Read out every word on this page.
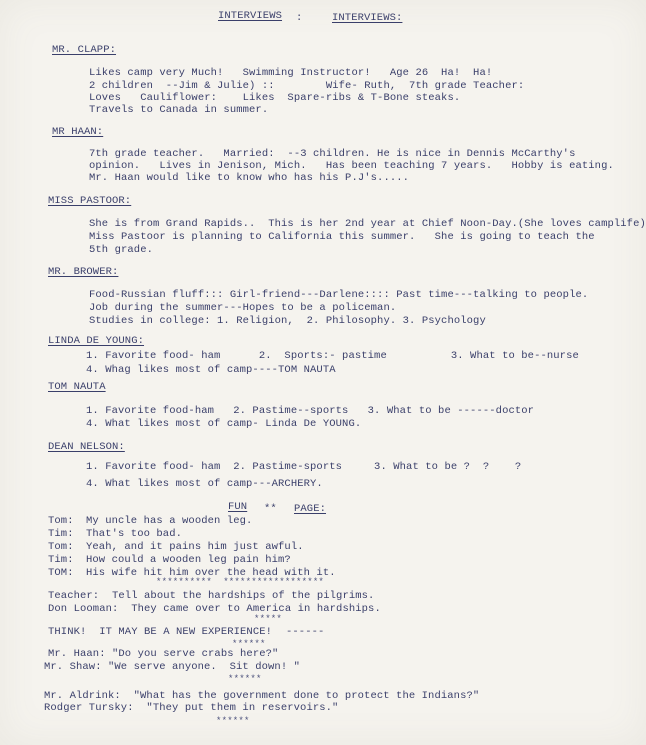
INTERVIEWS :	INTERVIEWS:
MR. CLAPP:
Likes camp very Much!   Swimming Instructor!   Age 26  Ha!  Ha!
2 children  --Jim & Julie) ::        Wife- Ruth,  7th grade Teacher:
Loves   Cauliflower:    Likes  Spare-ribs & T-Bone steaks.
Travels to Canada in summer.
MR HAAN:
7th grade teacher.   Married:  --3 children. He is nice in Dennis McCarthy's
opinion.   Lives in Jenison, Mich.   Has been teaching 7 years.   Hobby is eating.
Mr. Haan would like to know who has his P.J's.....
MISS PASTOOR:
She is from Grand Rapids..  This is her 2nd year at Chief Noon-Day.(She loves camplife)
Miss Pastoor is planning to California this summer.   She is going to teach the
5th grade.
MR. BROWER:
Food-Russian fluff::: Girl-friend---Darlene:::: Past time---talking to people.
Job during the summer---Hopes to be a policeman.
Studies in college: 1. Religion,  2. Philosophy. 3. Psychology
LINDA DE YOUNG:
1. Favorite food- ham      2.  Sports:- pastime          3. What to be--nurse
4. Whag likes most of camp----TOM NAUTA
TOM NAUTA
1. Favorite food-ham   2. Pastime--sports   3. What to be ------doctor
4. What likes most of camp- Linda De YOUNG.
DEAN NELSON:
1. Favorite food- ham  2. Pastime-sports     3. What to be ?  ?    ?
4. What likes most of camp---ARCHERY.
FUN ** PAGE:
Tom: My uncle has a wooden leg.
Tim: That's too bad.
Tom: Yeah, and it pains him just awful.
Tim: How could a wooden leg pain him?
TOM: His wife hit him over the head with it.
**********  ******************
Teacher:  Tell about the hardships of the pilgrims.
Don Looman:  They came over to America in hardships.
*****
THINK!  IT MAY BE A NEW EXPERIENCE! ------
******
Mr. Haan: "Do you serve crabs here?"
Mr. Shaw: "We serve anyone.  Sit down! "
******
Mr. Aldrink:  "What has the government done to protect the Indians?"
Rodger Tursky:  "They put them in reservoirs."
******
